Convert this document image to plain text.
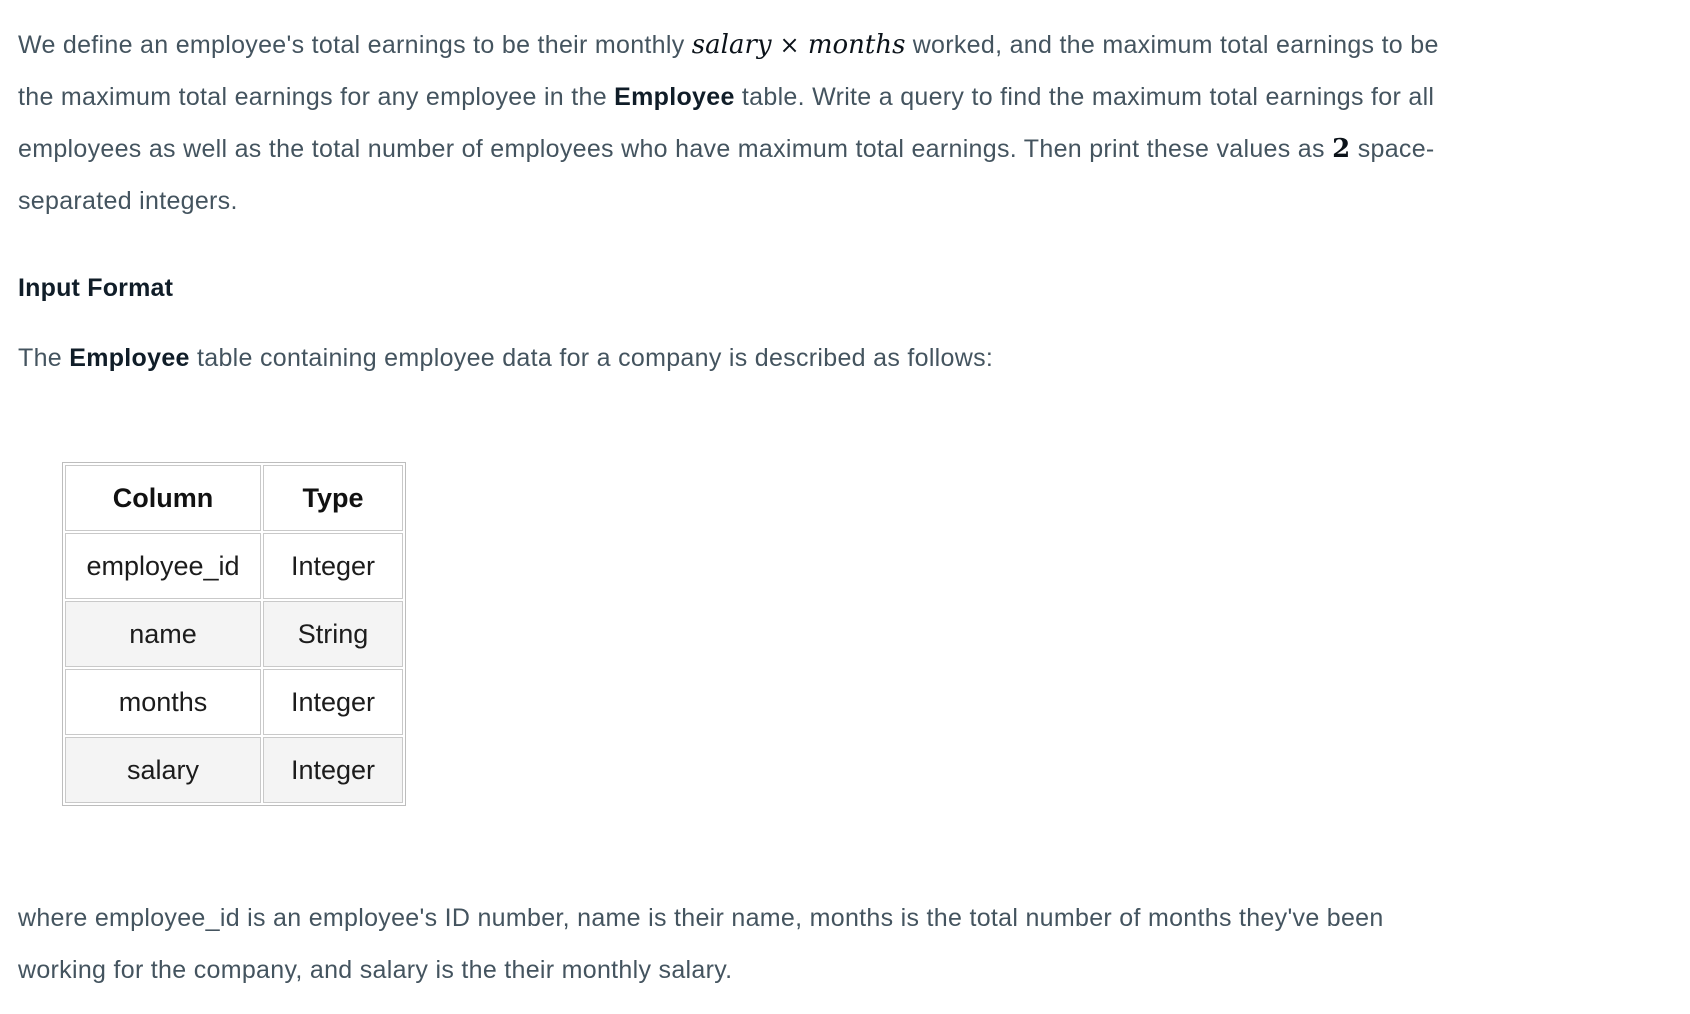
We define an employee's total earnings to be their monthly salary × months worked, and the maximum total earnings to be
the maximum total earnings for any employee in the Employee table. Write a query to find the maximum total earnings for all
employees as well as the total number of employees who have maximum total earnings. Then print these values as 2 space-
separated integers.

Input Format

The Employee table containing employee data for a company is described as follows:

Column	Type
employee_id	Integer
name	String
months	Integer
salary	Integer

where employee_id is an employee's ID number, name is their name, months is the total number of months they've been
working for the company, and salary is the their monthly salary.
